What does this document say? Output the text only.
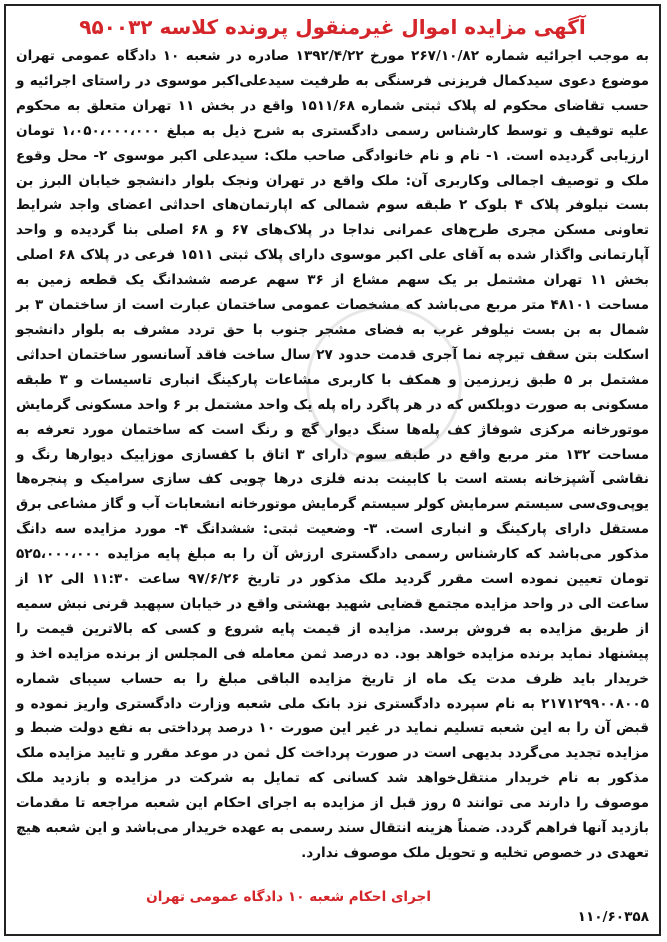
آگهی مزایده اموال غیرمنقول پرونده کلاسه ۹۵۰۰۳۲

به موجب اجرائیه شماره ۲۶۷/۱۰/۸۲ مورخ ۱۳۹۲/۴/۲۲ صادره در شعبه ۱۰ دادگاه عمومی تهران موضوع دعوی سیدکمال فریزنی فرسنگی به طرفیت سیدعلی‌اکبر موسوی در راستای اجرائیه و حسب تقاضای محکوم له پلاک ثبتی شماره ۱۵۱۱/۶۸ واقع در بخش ۱۱ تهران متعلق به محکوم علیه توقیف و توسط کارشناس رسمی دادگستری به شرح ذیل به مبلغ ۱،۰۵۰،۰۰۰،۰۰۰ تومان ارزیابی گردیده است. ۱- نام و نام خانوادگی صاحب ملک: سیدعلی اکبر موسوی ۲- محل وقوع ملک و توصیف اجمالی وکاربری آن: ملک واقع در تهران ونجک بلوار دانشجو خیابان البرز بن بست نیلوفر پلاک ۴ بلوک ۲ طبقه سوم شمالی که اپارتمان‌های احداثی اعضای واجد شرایط تعاونی مسکن مجری طرح‌های عمرانی نداجا در پلاک‌های ۶۷ و ۶۸ اصلی بنا گردیده و واحد آپارتمانی واگذار شده به آقای علی اکبر موسوی دارای پلاک ثبتی ۱۵۱۱ فرعی در پلاک ۶۸ اصلی بخش ۱۱ تهران مشتمل بر یک سهم مشاع از ۳۶ سهم عرصه ششدانگ یک قطعه زمین به مساحت ۴۸۱۰۱ متر مربع می‌باشد که مشخصات عمومی ساختمان عبارت است از ساختمان ۳ بر شمال به بن بست نیلوفر غرب به فضای مشجر جنوب با حق تردد مشرف به بلوار دانشجو اسکلت بتن سقف تیرچه نما آجری قدمت حدود ۲۷ سال ساخت فاقد آسانسور ساختمان احداثی مشتمل بر ۵ طبق زیرزمین و همکف با کاربری مشاعات پارکینگ انباری تاسیسات و ۳ طبقه مسکونی به صورت دوبلکس که در هر پاگرد راه پله یک واحد مشتمل بر ۶ واحد مسکونی گرمایش موتورخانه مرکزی شوفاژ کف پله‌ها سنگ دیوار گچ و رنگ است که ساختمان مورد تعرفه به مساحت ۱۳۲ متر مربع واقع در طبقه سوم دارای ۳ اتاق با کفسازی موزاییک دیوارها رنگ و نقاشی آشپزخانه بسته است با کابینت بدنه فلزی درها چوبی کف سازی سرامیک و پنجره‌ها یوپی‌وی‌سی سیستم سرمایش کولر سیستم گرمایش موتورخانه انشعابات آب و گاز مشاعی برق مستقل دارای پارکینگ و انباری است. ۳- وضعیت ثبتی: ششدانگ ۴- مورد مزایده سه دانگ مذکور می‌باشد که کارشناس رسمی دادگستری ارزش آن را به مبلغ پایه مزایده ۵۲۵،۰۰۰،۰۰۰ تومان تعیین نموده است مقرر گردید ملک مذکور در تاریخ ۹۷/۶/۲۶ ساعت ۱۱:۳۰ الی ۱۲ از ساعت الی در واحد مزایده مجتمع قضایی شهید بهشتی واقع در خیابان سپهبد قرنی نبش سمیه از طریق مزایده به فروش برسد. مزایده از قیمت پایه شروع و کسی که بالاترین قیمت را پیشنهاد نماید برنده مزایده خواهد بود. ده درصد ثمن معامله فی المجلس از برنده مزایده اخذ و خریدار باید ظرف مدت یک ماه از تاریخ مزایده الباقی مبلغ را به حساب سیبای شماره ۲۱۷۱۲۹۹۰۰۸۰۰۵ به نام سپرده دادگستری نزد بانک ملی شعبه وزارت دادگستری واریز نموده و قبض آن را به این شعبه تسلیم نماید در غیر این صورت ۱۰ درصد پرداختی به نفع دولت ضبط و مزایده تجدید می‌گردد بدیهی است در صورت پرداخت کل ثمن در موعد مقرر و تایید مزایده ملک مذکور به نام خریدار منتقل‌خواهد شد کسانی که تمایل به شرکت در مزایده و بازدید ملک موصوف را دارند می توانند ۵ روز قبل از مزایده به اجرای احکام این شعبه مراجعه تا مقدمات بازدید آنها فراهم گردد. ضمناً هزینه انتقال سند رسمی به عهده خریدار می‌باشد و این شعبه هیچ تعهدی در خصوص تخلیه و تحویل ملک موصوف ندارد.

اجرای احکام شعبه ۱۰ دادگاه عمومی تهران
۱۱۰/۶۰۳۵۸
